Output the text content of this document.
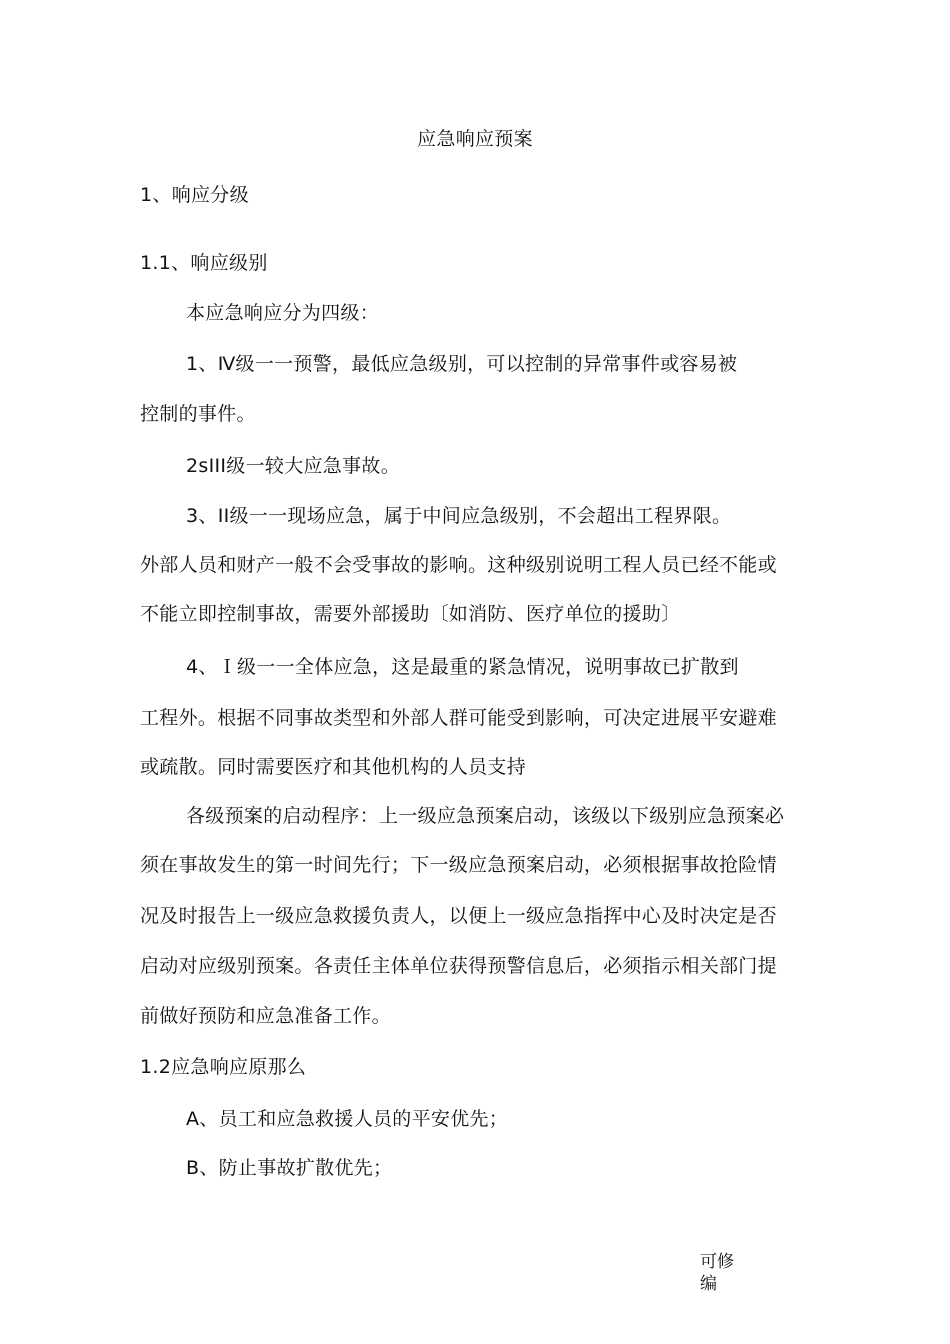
应急响应预案
1、响应分级
1.1、响应级别
本应急响应分为四级：
1、Ⅳ级一一预警，最低应急级别，可以控制的异常事件或容易被
控制的事件。
2sIII级一较大应急事故。
3、II级一一现场应急，属于中间应急级别，不会超出工程界限。
外部人员和财产一般不会受事故的影响。这种级别说明工程人员已经不能或
不能立即控制事故，需要外部援助〔如消防、医疗单位的援助〕
4、Ｉ级一一全体应急，这是最重的紧急情况，说明事故已扩散到
工程外。根据不同事故类型和外部人群可能受到影响，可决定进展平安避难
或疏散。同时需要医疗和其他机构的人员支持
各级预案的启动程序：上一级应急预案启动，该级以下级别应急预案必
须在事故发生的第一时间先行；下一级应急预案启动，必须根据事故抢险情
况及时报告上一级应急救援负责人，以便上一级应急指挥中心及时决定是否
启动对应级别预案。各责任主体单位获得预警信息后，必须指示相关部门提
前做好预防和应急准备工作。
1.2应急响应原那么
A、员工和应急救援人员的平安优先；
B、防止事故扩散优先；
可修编
